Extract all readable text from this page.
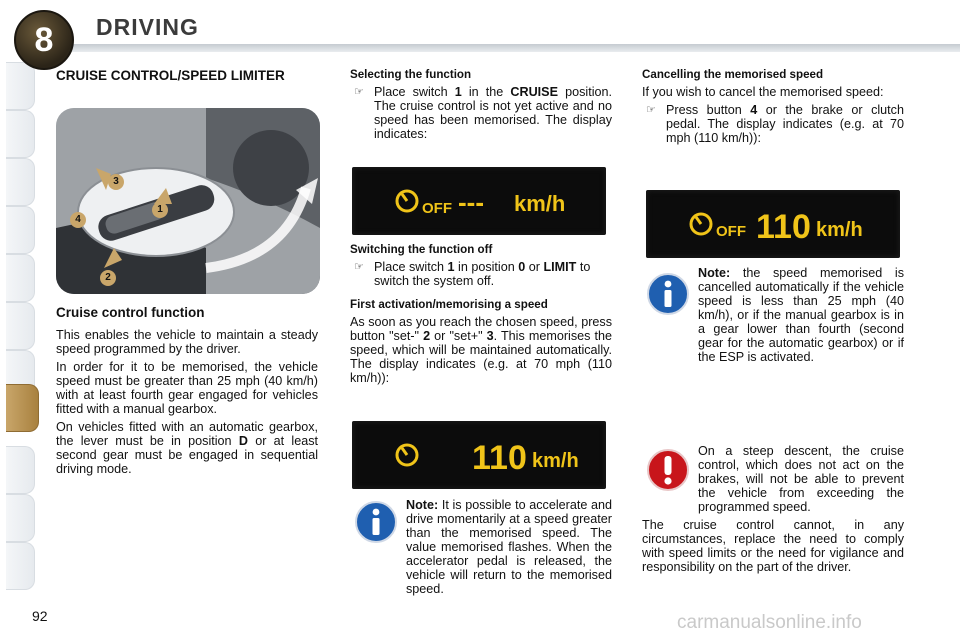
8	DRIVING
CRUISE CONTROL/SPEED LIMITER
3
1
4
2
Cruise control function

This enables the vehicle to maintain a steady speed programmed by the driver.

In order for it to be memorised, the vehicle speed must be greater than 25 mph (40 km/h) with at least fourth gear engaged for vehicles fitted with a manual gearbox.

On vehicles fitted with an automatic gearbox, the lever must be in position D or at least second gear must be engaged in sequential driving mode.

Selecting the function
☞ Place switch 1 in the CRUISE position. The cruise control is not yet active and no speed has been memorised. The display indicates:
OFF --- km/h
Switching the function off
☞ Place switch 1 in position 0 or LIMIT to switch the system off.
First activation/memorising a speed

As soon as you reach the chosen speed, press button "set-" 2 or "set+" 3. This memorises the speed, which will be maintained automatically. The display indicates (e.g. at 70 mph (110 km/h)):

110 km/h

Note: It is possible to accelerate and drive momentarily at a speed greater than the memorised speed. The value memorised flashes. When the accelerator pedal is released, the vehicle will return to the memorised speed.

Cancelling the memorised speed

If you wish to cancel the memorised speed:

☞ Press button 4 or the brake or clutch pedal. The display indicates (e.g. at 70 mph (110 km/h)):
OFF 110 km/h

Note: the speed memorised is cancelled automatically if the vehicle speed is less than 25 mph (40 km/h), or if the manual gearbox is in a gear lower than fourth (second gear for the automatic gearbox) or if the ESP is activated.

On a steep descent, the cruise control, which does not act on the brakes, will not be able to prevent the vehicle from exceeding the programmed speed.

The cruise control cannot, in any circumstances, replace the need to comply with speed limits or the need for vigilance and responsibility on the part of the driver.

92	carmanualsonline.info
